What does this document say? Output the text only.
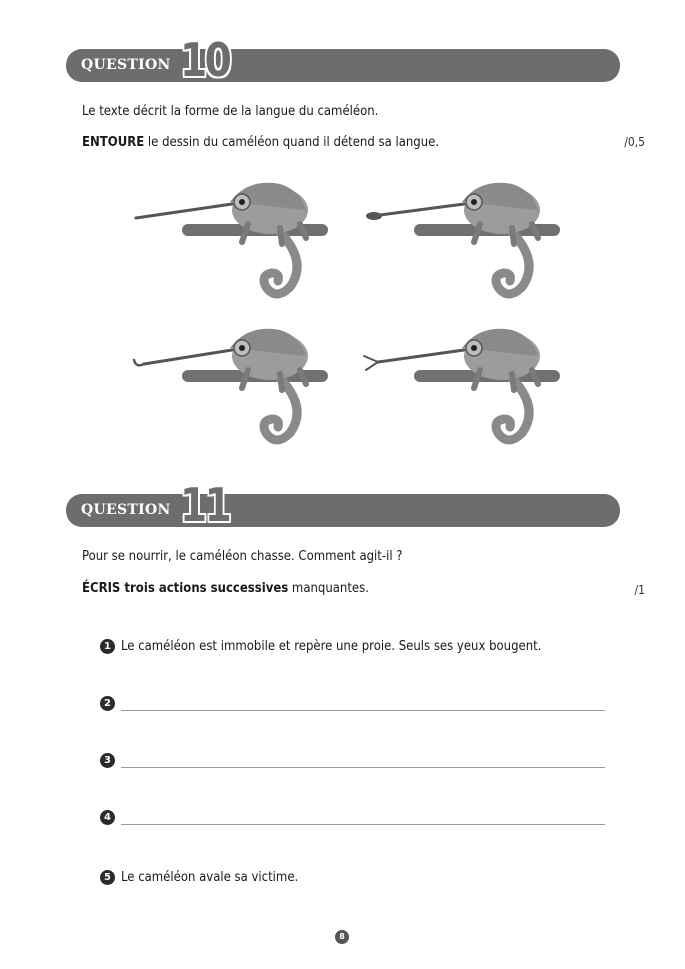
QUESTION 10
Le texte décrit la forme de la langue du caméléon.
ENTOURE le dessin du caméléon quand il détend sa langue.	/0,5
QUESTION 11
Pour se nourrir, le caméléon chasse. Comment agit-il ?
ÉCRIS trois actions successives manquantes.	/1
1 Le caméléon est immobile et repère une proie. Seuls ses yeux bougent.
2
3
4
5 Le caméléon avale sa victime.
8
